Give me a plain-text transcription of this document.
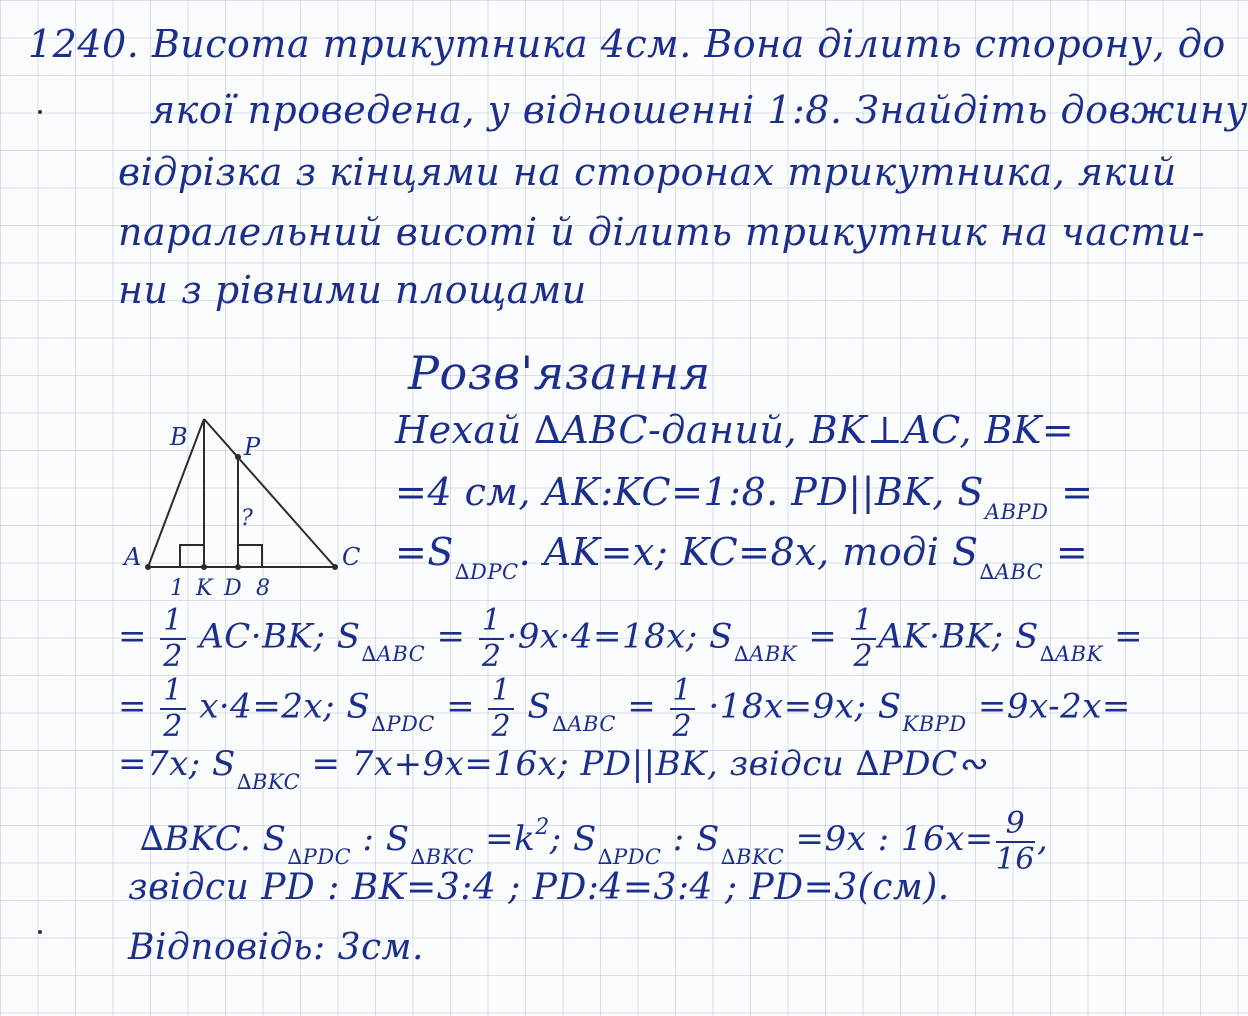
1240. Висота трикутника 4см. Вона ділить сторону, до
якої проведена, у відношенні 1:8. Знайдіть довжину
відрізка з кінцями на сторонах трикутника, який
паралельний висоті й ділить трикутник на части-
ни з рівними площами
Розв'язання
A
B
C
P
?
1 K D 8
Нехай ∆ABC-даний, BK⊥AC, BK=
=4 см, AK:KC=1:8. PD||BK, $S_{ABPD}$ =
$=S_{\Delta DPC}$. AK=x; KC=8x, тоді $S_{\Delta ABC}$ =
= $\frac{1}{2} AC\cdot BK$; $S_{\Delta ABC} = \frac{1}{2} \cdot 9x\cdot 4=18x$; $S_{\Delta ABK} = \frac{1}{2} AK\cdot BK$; $S_{\Delta ABK}$ =
= $\frac{1}{2} x\cdot 4=2x$; $S_{\Delta PDC} = \frac{1}{2} S_{\Delta ABC} = \frac{1}{2} \cdot 18x=9x$; $S_{KBPD} =9x-2x=$
=7x; $S_{\Delta BKC} = 7x+9x=16x$; PD||BK, звідси ∆PDC∾
∆BKC. $S_{\Delta PDC}$ : $S_{\Delta BKC} =k^2$; $S_{\Delta PDC}$ : $S_{\Delta BKC} =9x$ : $16x= \frac{9}{16}$ ,
звідси PD : BK=3:4 ; PD:4=3:4 ; PD=3(см).
Відповідь: 3см.
